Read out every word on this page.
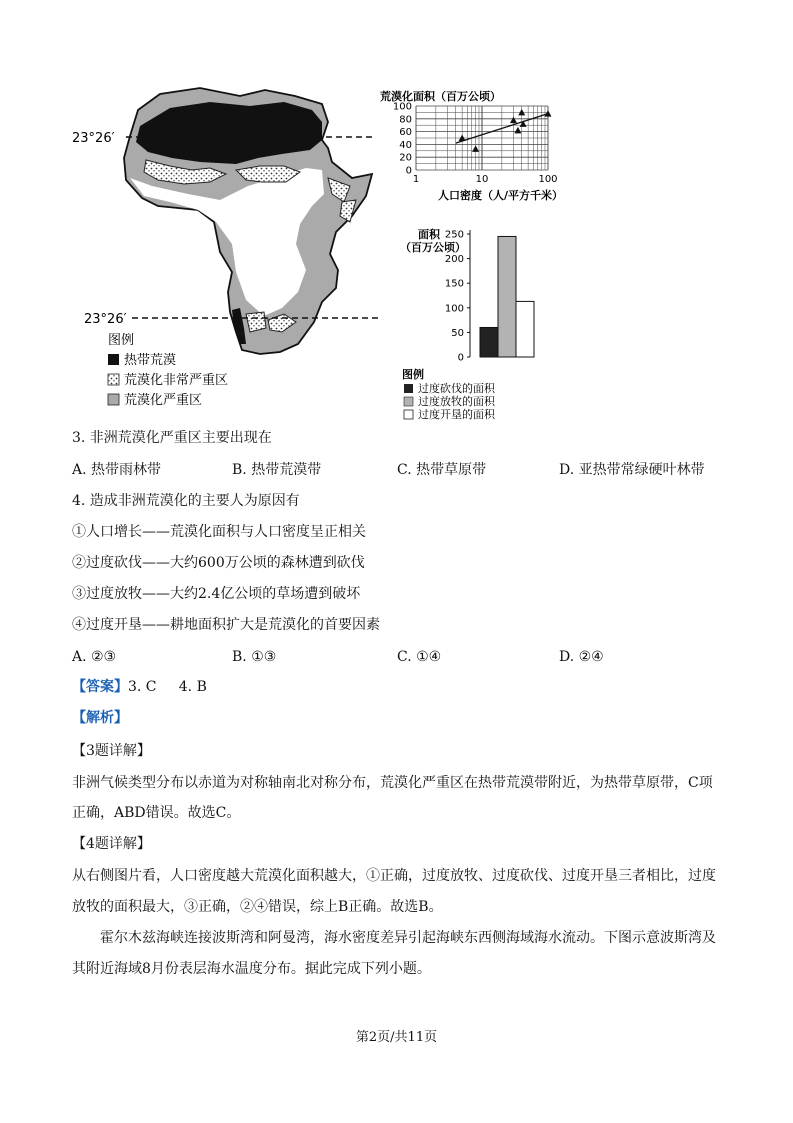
23°26′
23°26′
图例
热带荒漠
荒漠化非常严重区
荒漠化严重区
荒漠化面积（百万公顷）
100
80
60
40
20
0
1	10	100
人口密度（人/平方千米）
面积
（百万公顷）
250
200
150
100
50
0
图例
过度砍伐的面积
过度放牧的面积
过度开垦的面积
3. 非洲荒漠化严重区主要出现在
A. 热带雨林带	B. 热带荒漠带	C. 热带草原带	D. 亚热带常绿硬叶林带
4. 造成非洲荒漠化的主要人为原因有
①人口增长——荒漠化面积与人口密度呈正相关
②过度砍伐——大约600万公顷的森林遭到砍伐
③过度放牧——大约2.4亿公顷的草场遭到破坏
④过度开垦——耕地面积扩大是荒漠化的首要因素
A. ②③	B. ①③	C. ①④	D. ②④
【答案】3. C     4. B
【解析】
【3题详解】
非洲气候类型分布以赤道为对称轴南北对称分布，荒漠化严重区在热带荒漠带附近，为热带草原带，C项
正确，ABD错误。故选C。
【4题详解】
从右侧图片看，人口密度越大荒漠化面积越大，①正确，过度放牧、过度砍伐、过度开垦三者相比，过度
放牧的面积最大，③正确，②④错误，综上B正确。故选B。
霍尔木兹海峡连接波斯湾和阿曼湾，海水密度差异引起海峡东西侧海域海水流动。下图示意波斯湾及
其附近海域8月份表层海水温度分布。据此完成下列小题。
第2页/共11页
